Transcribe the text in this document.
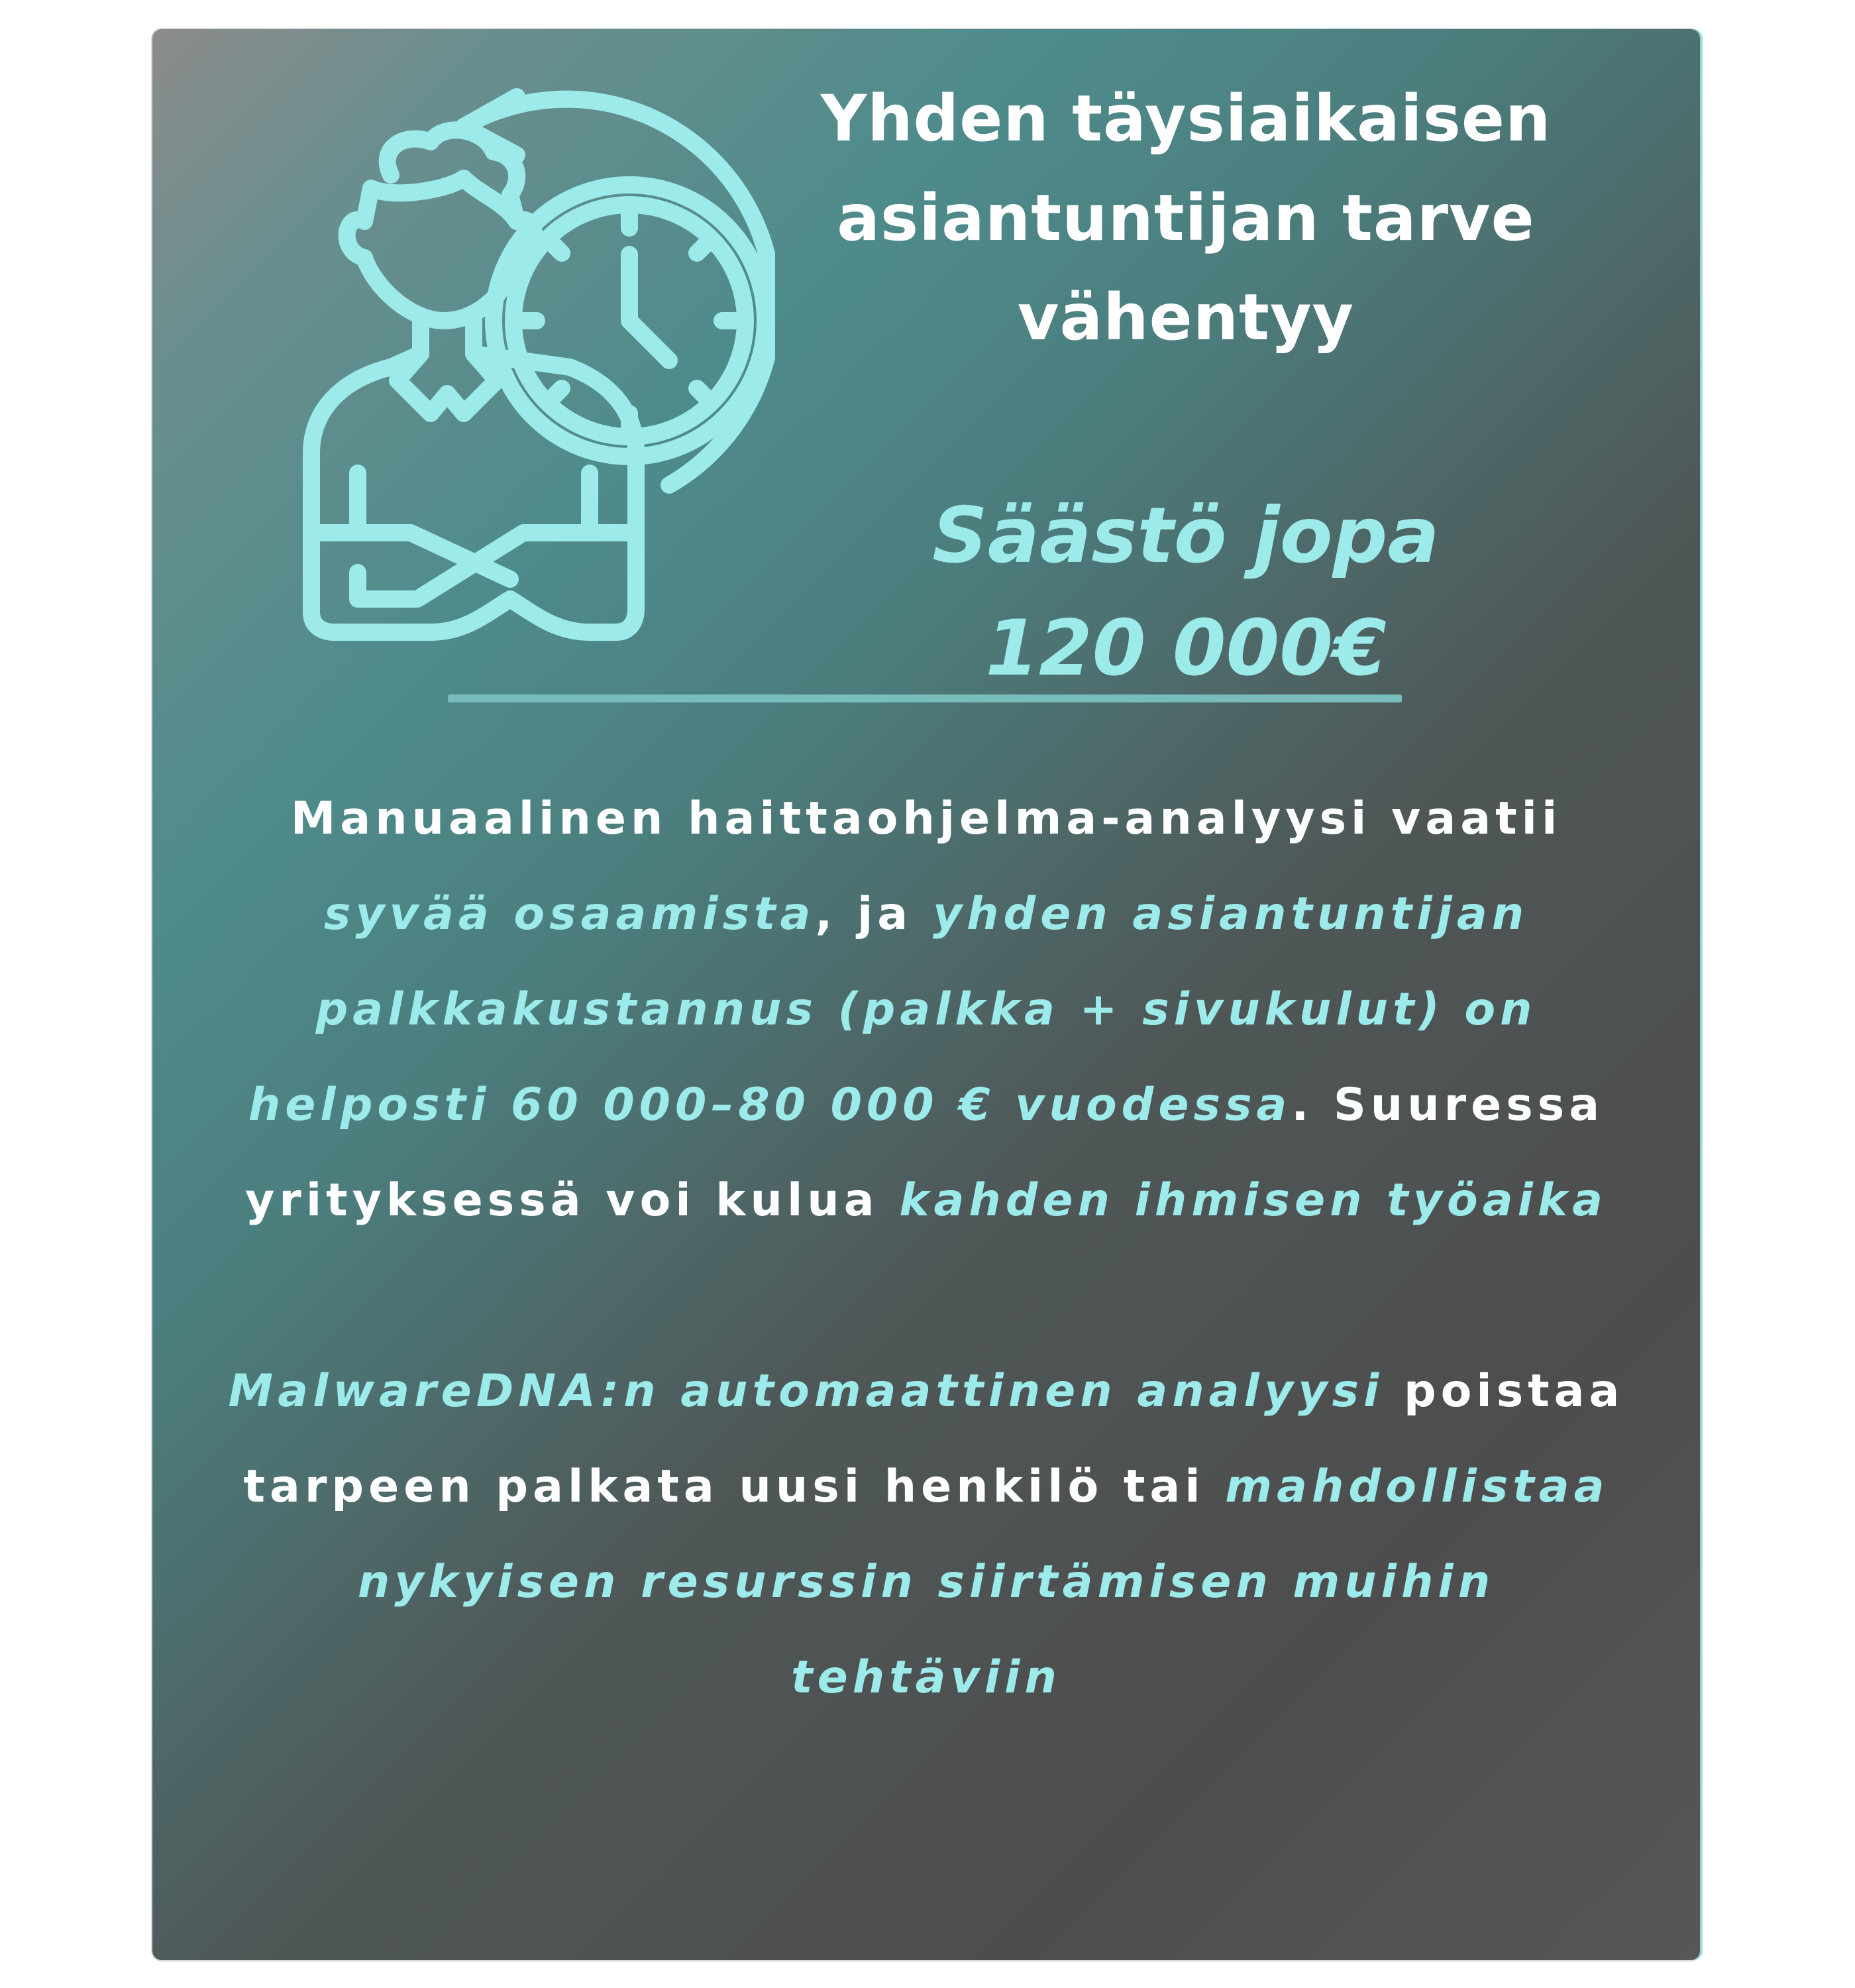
Yhden täysiaikaisen asiantuntijan tarve vähentyy
Säästö jopa
120 000€

Manuaalinen haittaohjelma-analyysi vaatii syvää osaamista, ja yhden asiantuntijan palkkakustannus (palkka + sivukulut) on helposti 60 000–80 000 € vuodessa. Suuressa yrityksessä voi kulua kahden ihmisen työaika

MalwareDNA:n automaattinen analyysi poistaa tarpeen palkata uusi henkilö tai mahdollistaa nykyisen resurssin siirtämisen muihin tehtäviin
